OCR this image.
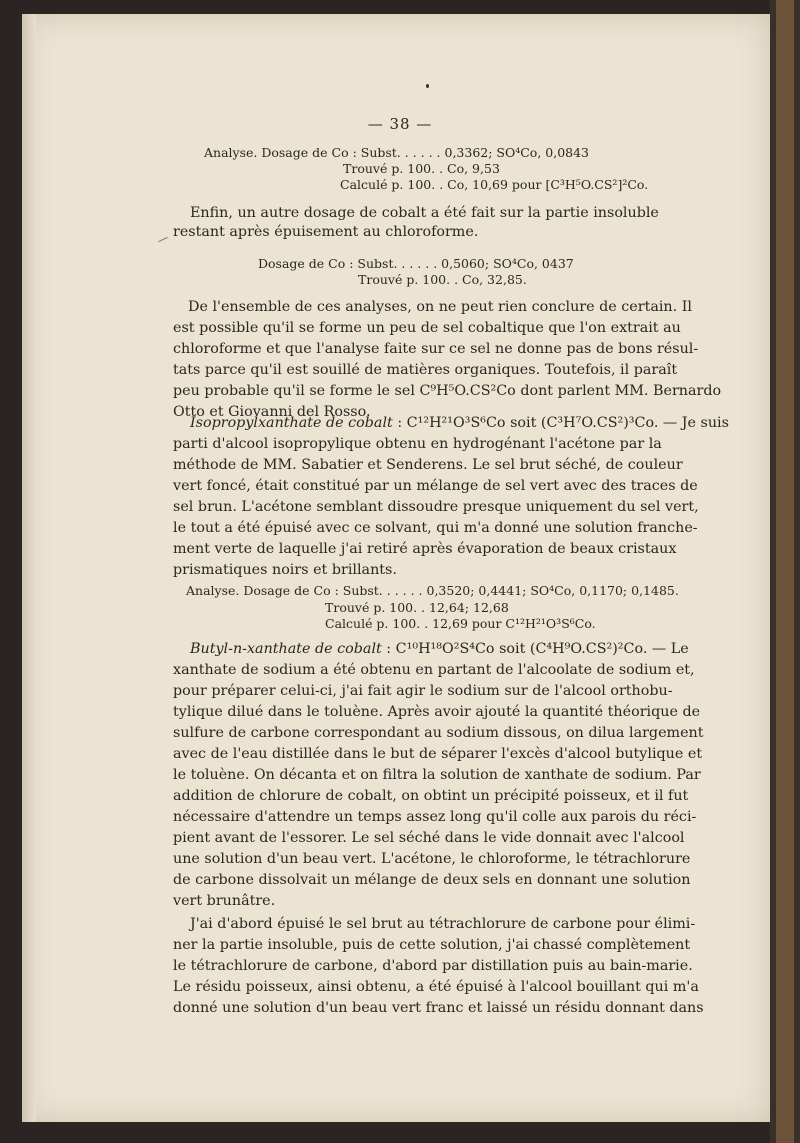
— 38 —
Analyse. Dosage de Co : Subst. . . . . . 0,3362; SO⁴Co, 0,0843
Trouvé p. 100. . Co, 9,53
Calculé p. 100. . Co, 10,69 pour [C³H⁵O.CS²]²Co.
Enfin, un autre dosage de cobalt a été fait sur la partie insoluble
restant après épuisement au chloroforme.
Dosage de Co : Subst. . . . . . 0,5060; SO⁴Co, 0437
Trouvé p. 100. . Co, 32,85.
De l'ensemble de ces analyses, on ne peut rien conclure de certain. Il
est possible qu'il se forme un peu de sel cobaltique que l'on extrait au
chloroforme et que l'analyse faite sur ce sel ne donne pas de bons résul-
tats parce qu'il est souillé de matières organiques. Toutefois, il paraît
peu probable qu'il se forme le sel C⁹H⁵O.CS²Co dont parlent MM. Bernardo
Otto et Giovanni del Rosso.
Isopropylxanthate de cobalt : C¹²H²¹O³S⁶Co soit (C³H⁷O.CS²)³Co. — Je suis
parti d'alcool isopropylique obtenu en hydrogénant l'acétone par la
méthode de MM. Sabatier et Senderens. Le sel brut séché, de couleur
vert foncé, était constitué par un mélange de sel vert avec des traces de
sel brun. L'acétone semblant dissoudre presque uniquement du sel vert,
le tout a été épuisé avec ce solvant, qui m'a donné une solution franche-
ment verte de laquelle j'ai retiré après évaporation de beaux cristaux
prismatiques noirs et brillants.
Analyse. Dosage de Co : Subst. . . . . . 0,3520; 0,4441; SO⁴Co, 0,1170; 0,1485.
Trouvé p. 100. . 12,64; 12,68
Calculé p. 100. . 12,69 pour C¹²H²¹O³S⁶Co.
Butyl-n-xanthate de cobalt : C¹⁰H¹⁸O²S⁴Co soit (C⁴H⁹O.CS²)²Co. — Le
xanthate de sodium a été obtenu en partant de l'alcoolate de sodium et,
pour préparer celui-ci, j'ai fait agir le sodium sur de l'alcool orthobu-
tylique dilué dans le toluène. Après avoir ajouté la quantité théorique de
sulfure de carbone correspondant au sodium dissous, on dilua largement
avec de l'eau distillée dans le but de séparer l'excès d'alcool butylique et
le toluène. On décanta et on filtra la solution de xanthate de sodium. Par
addition de chlorure de cobalt, on obtint un précipité poisseux, et il fut
nécessaire d'attendre un temps assez long qu'il colle aux parois du réci-
pient avant de l'essorer. Le sel séché dans le vide donnait avec l'alcool
une solution d'un beau vert. L'acétone, le chloroforme, le tétrachlorure
de carbone dissolvait un mélange de deux sels en donnant une solution
vert brunâtre.
J'ai d'abord épuisé le sel brut au tétrachlorure de carbone pour élimi-
ner la partie insoluble, puis de cette solution, j'ai chassé complètement
le tétrachlorure de carbone, d'abord par distillation puis au bain-marie.
Le résidu poisseux, ainsi obtenu, a été épuisé à l'alcool bouillant qui m'a
donné une solution d'un beau vert franc et laissé un résidu donnant dans
